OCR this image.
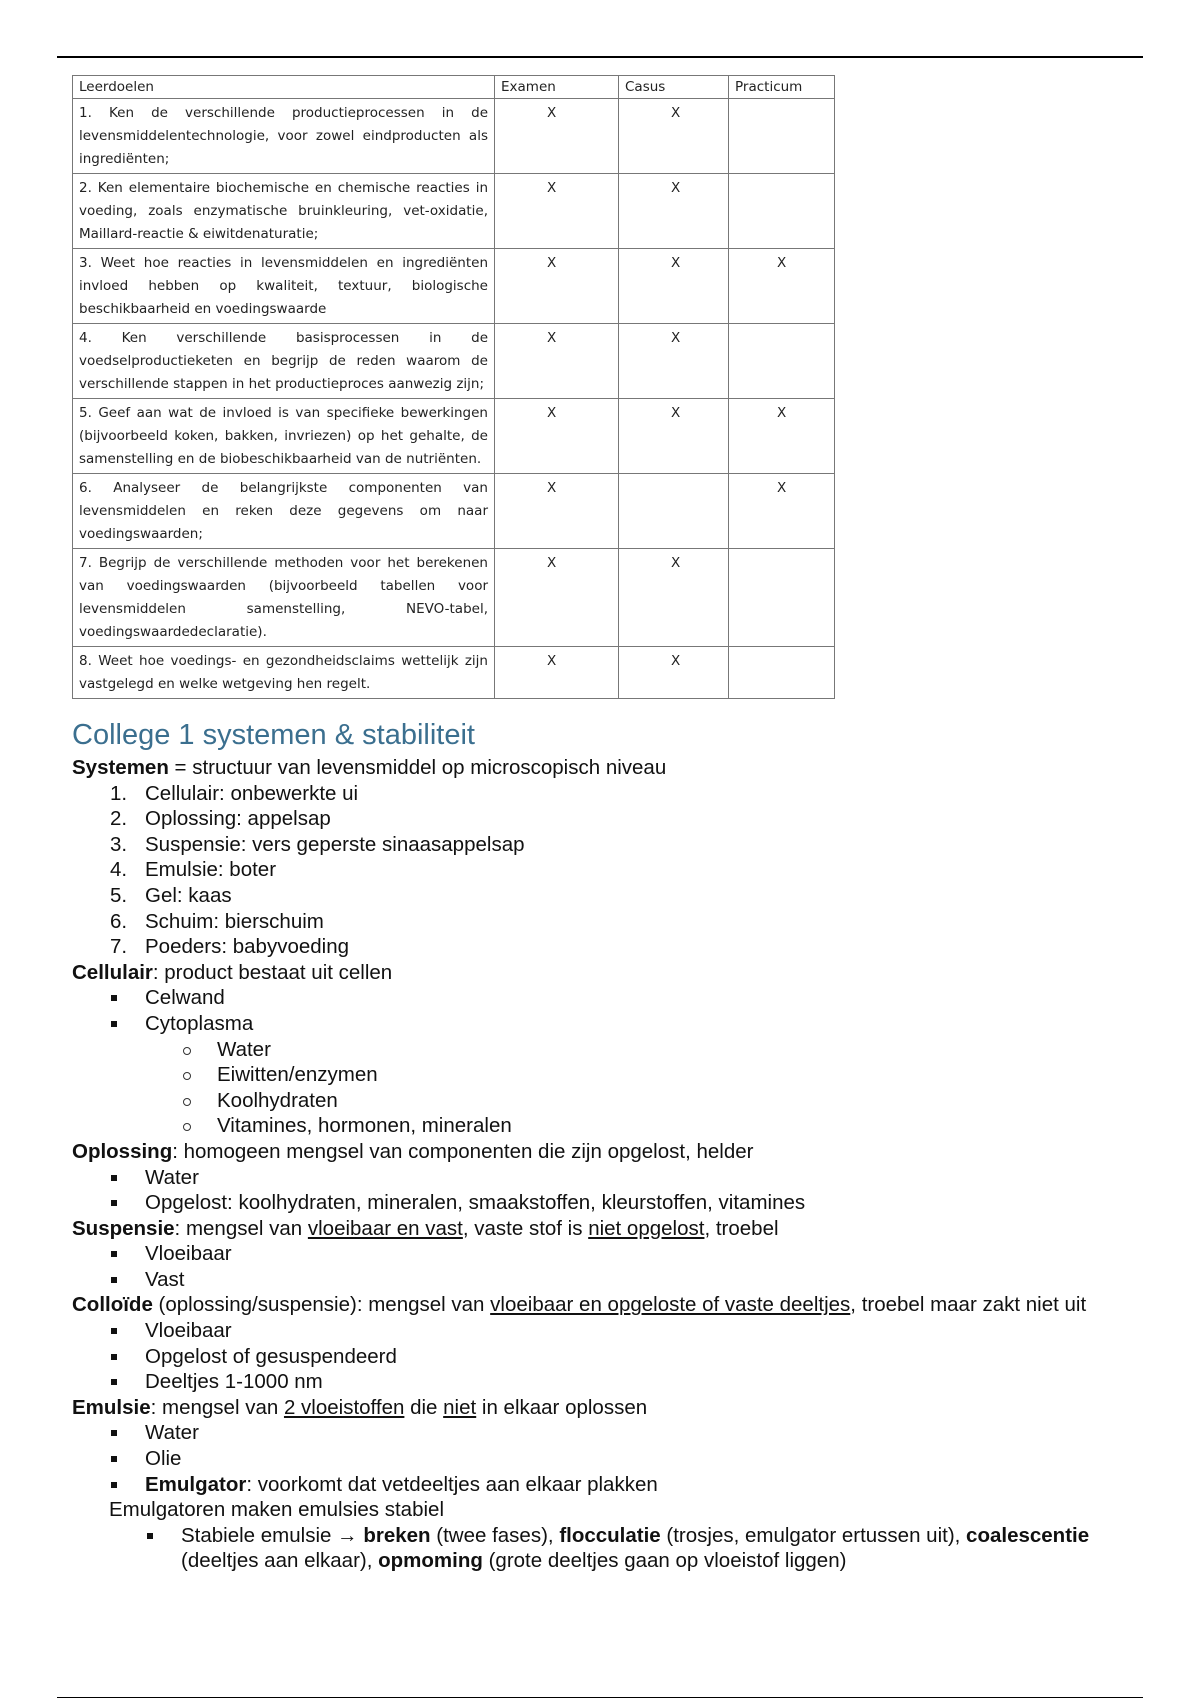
Leerdoelen	Examen	Casus	Practicum
1. Ken de verschillende productieprocessen in de levensmiddelentechnologie, voor zowel eindproducten als ingrediënten;	X	X	
2. Ken elementaire biochemische en chemische reacties in voeding, zoals enzymatische bruinkleuring, vet-oxidatie, Maillard-reactie & eiwitdenaturatie;	X	X	
3. Weet hoe reacties in levensmiddelen en ingrediënten invloed hebben op kwaliteit, textuur, biologische beschikbaarheid en voedingswaarde	X	X	X
4. Ken verschillende basisprocessen in de voedselproductieketen en begrijp de reden waarom de verschillende stappen in het productieproces aanwezig zijn;	X	X	
5. Geef aan wat de invloed is van specifieke bewerkingen (bijvoorbeeld koken, bakken, invriezen) op het gehalte, de samenstelling en de biobeschikbaarheid van de nutriënten.	X	X	X
6. Analyseer de belangrijkste componenten van levensmiddelen en reken deze gegevens om naar voedingswaarden;	X		X
7. Begrijp de verschillende methoden voor het berekenen van voedingswaarden (bijvoorbeeld tabellen voor levensmiddelen samenstelling, NEVO-tabel, voedingswaardedeclaratie).	X	X	
8. Weet hoe voedings- en gezondheidsclaims wettelijk zijn vastgelegd en welke wetgeving hen regelt.	X	X	
College 1 systemen & stabiliteit

Systemen = structuur van levensmiddel op microscopisch niveau

1. Cellulair: onbewerkte ui

2. Oplossing: appelsap

3. Suspensie: vers geperste sinaasappelsap

4. Emulsie: boter

5. Gel: kaas

6. Schuim: bierschuim

7. Poeders: babyvoeding

Cellulair: product bestaat uit cellen

Celwand

Cytoplasma

Water

Eiwitten/enzymen

Koolhydraten

Vitamines, hormonen, mineralen

Oplossing: homogeen mengsel van componenten die zijn opgelost, helder

Water

Opgelost: koolhydraten, mineralen, smaakstoffen, kleurstoffen, vitamines

Suspensie: mengsel van vloeibaar en vast, vaste stof is niet opgelost, troebel

Vloeibaar

Vast

Colloïde (oplossing/suspensie): mengsel van vloeibaar en opgeloste of vaste deeltjes, troebel maar zakt niet uit

Vloeibaar

Opgelost of gesuspendeerd

Deeltjes 1-1000 nm

Emulsie: mengsel van 2 vloeistoffen die niet in elkaar oplossen

Water

Olie

Emulgator: voorkomt dat vetdeeltjes aan elkaar plakken

Emulgatoren maken emulsies stabiel

Stabiele emulsie → breken (twee fases), flocculatie (trosjes, emulgator ertussen uit), coalescentie (deeltjes aan elkaar), opmoming (grote deeltjes gaan op vloeistof liggen)
